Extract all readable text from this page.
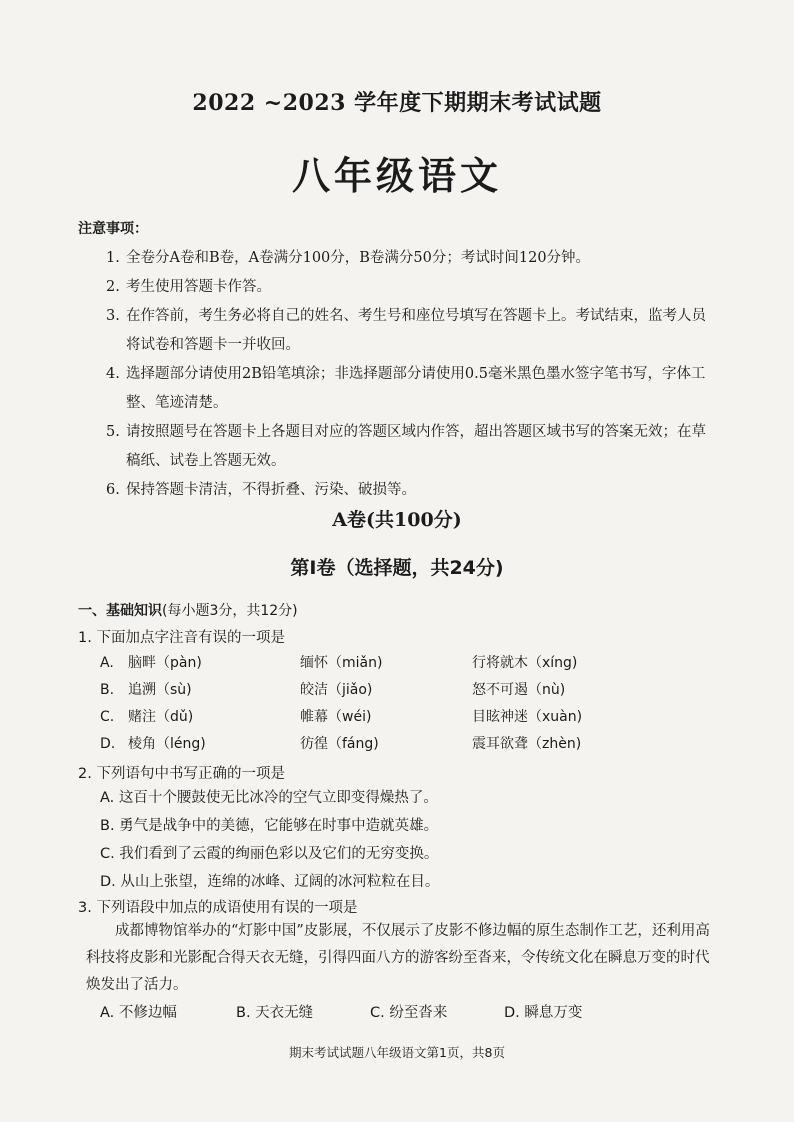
2022 ~2023 学年度下期期末考试试题
八年级语文
注意事项：
1. 全卷分A卷和B卷，A卷满分100分，B卷满分50分；考试时间120分钟。
2. 考生使用答题卡作答。
3. 在作答前，考生务必将自己的姓名、考生号和座位号填写在答题卡上。考试结束，监考人员将试卷和答题卡一并收回。
4. 选择题部分请使用2B铅笔填涂；非选择题部分请使用0.5毫米黑色墨水签字笔书写，字体工整、笔迹清楚。
5. 请按照题号在答题卡上各题目对应的答题区域内作答，超出答题区域书写的答案无效；在草稿纸、试卷上答题无效。
6. 保持答题卡清洁，不得折叠、污染、破损等。
A卷(共100分)
第Ⅰ卷（选择题，共24分)
一、基础知识(每小题3分，共12分)
1. 下面加点字注音有误的一项是
A. 脑畔（pàn)	缅怀（miǎn)	行将就木（xíng)
B. 追溯（sù)	皎洁（jiǎo)	怒不可遏（nù)
C. 赌注（dǔ)	帷幕（wéi)	目眩神迷（xuàn)
D. 棱角（léng)	彷徨（fáng)	震耳欲聋（zhèn)
2. 下列语句中书写正确的一项是
A. 这百十个腰鼓使无比冰冷的空气立即变得燥热了。
B. 勇气是战争中的美德，它能够在时事中造就英雄。
C. 我们看到了云霞的绚丽色彩以及它们的无穷变换。
D. 从山上张望，连绵的冰峰、辽阔的冰河粒粒在目。
3. 下列语段中加点的成语使用有误的一项是
成都博物馆举办的“灯影中国”皮影展，不仅展示了皮影不修边幅的原生态制作工艺，还利用高科技将皮影和光影配合得天衣无缝，引得四面八方的游客纷至沓来，令传统文化在瞬息万变的时代焕发出了活力。
A. 不修边幅	B. 天衣无缝	C. 纷至沓来	D. 瞬息万变
期末考试试题八年级语文第1页，共8页
